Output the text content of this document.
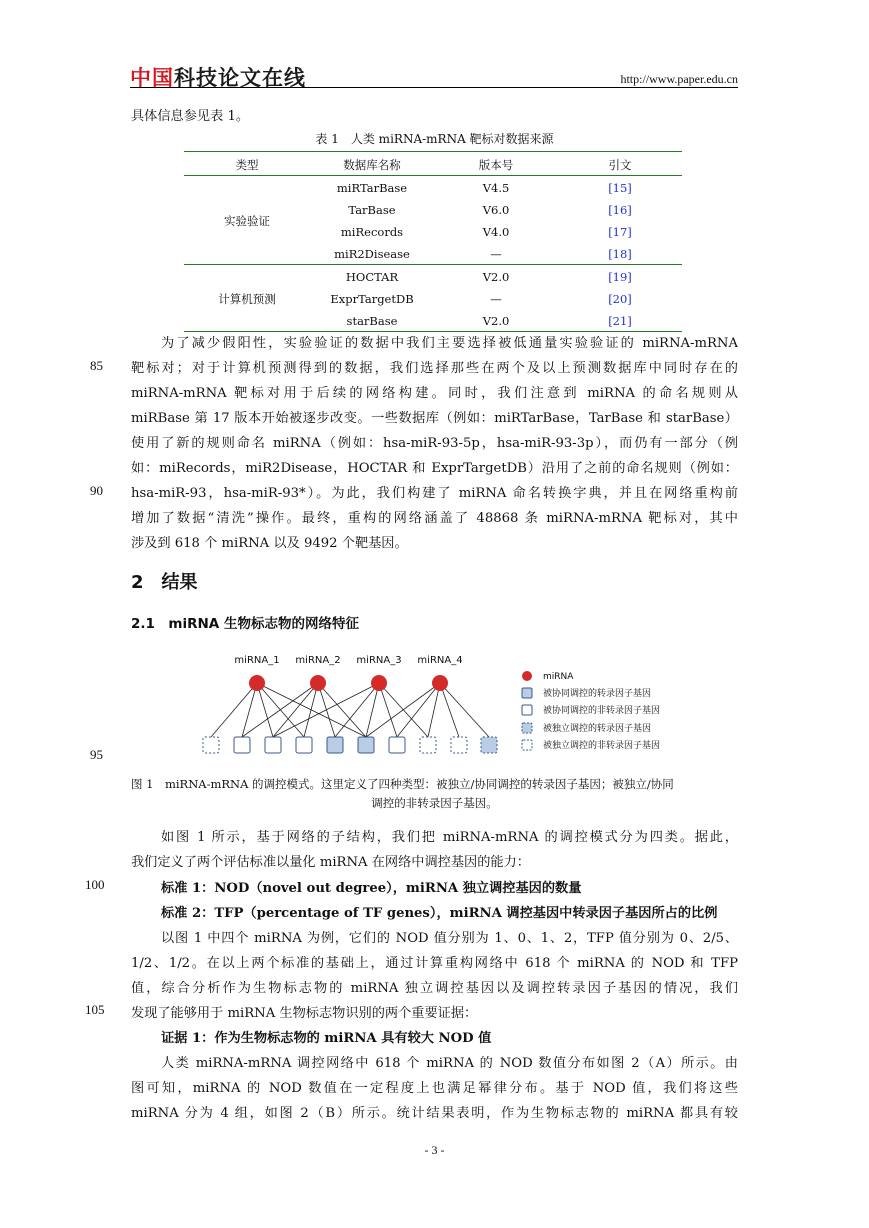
中国科技论文在线	http://www.paper.edu.cn
具体信息参见表 1。
表 1　人类 miRNA-mRNA 靶标对数据来源
类型	数据库名称	版本号	引文
实验验证
miRTarBase	V4.5	[15]
TarBase	V6.0	[16]
miRecords	V4.0	[17]
miR2Disease	—	[18]
计算机预测
HOCTAR	V2.0	[19]
ExprTargetDB	—	[20]
starBase	V2.0	[21]
为了减少假阳性，实验验证的数据中我们主要选择被低通量实验验证的 miRNA-mRNA
靶标对；对于计算机预测得到的数据，我们选择那些在两个及以上预测数据库中同时存在的
miRNA-mRNA 靶标对用于后续的网络构建。同时，我们注意到 miRNA 的命名规则从
miRBase 第 17 版本开始被逐步改变。一些数据库（例如：miRTarBase，TarBase 和 starBase）
使用了新的规则命名 miRNA（例如：hsa-miR-93-5p，hsa-miR-93-3p），而仍有一部分（例
如：miRecords，miR2Disease，HOCTAR 和 ExprTargetDB）沿用了之前的命名规则（例如：
hsa-miR-93，hsa-miR-93*）。为此，我们构建了 miRNA 命名转换字典，并且在网络重构前
增加了数据“清洗”操作。最终，重构的网络涵盖了 48868 条 miRNA-mRNA 靶标对，其中
涉及到 618 个 miRNA 以及 9492 个靶基因。
85
90
95
100
105
2　结果
2.1　miRNA 生物标志物的网络特征
miRNA_1 miRNA_2 miRNA_3 miRNA_4
miRNA
被协同调控的转录因子基因
被协同调控的非转录因子基因
被独立调控的转录因子基因
被独立调控的非转录因子基因
图 1　miRNA-mRNA 的调控模式。这里定义了四种类型：被独立/协同调控的转录因子基因；被独立/协同
调控的非转录因子基因。
如图 1 所示，基于网络的子结构，我们把 miRNA-mRNA 的调控模式分为四类。据此，
我们定义了两个评估标准以量化 miRNA 在网络中调控基因的能力：
标准 1：NOD（novel out degree），miRNA 独立调控基因的数量
标准 2：TFP（percentage of TF genes），miRNA 调控基因中转录因子基因所占的比例
以图 1 中四个 miRNA 为例，它们的 NOD 值分别为 1、0、1、2，TFP 值分别为 0、2/5、
1/2、1/2。在以上两个标准的基础上，通过计算重构网络中 618 个 miRNA 的 NOD 和 TFP
值，综合分析作为生物标志物的 miRNA 独立调控基因以及调控转录因子基因的情况，我们
发现了能够用于 miRNA 生物标志物识别的两个重要证据：
证据 1：作为生物标志物的 miRNA 具有较大 NOD 值
人类 miRNA-mRNA 调控网络中 618 个 miRNA 的 NOD 数值分布如图 2（A）所示。由
图可知，miRNA 的 NOD 数值在一定程度上也满足幂律分布。基于 NOD 值，我们将这些
miRNA 分为 4 组，如图 2（B）所示。统计结果表明，作为生物标志物的 miRNA 都具有较
- 3 -
